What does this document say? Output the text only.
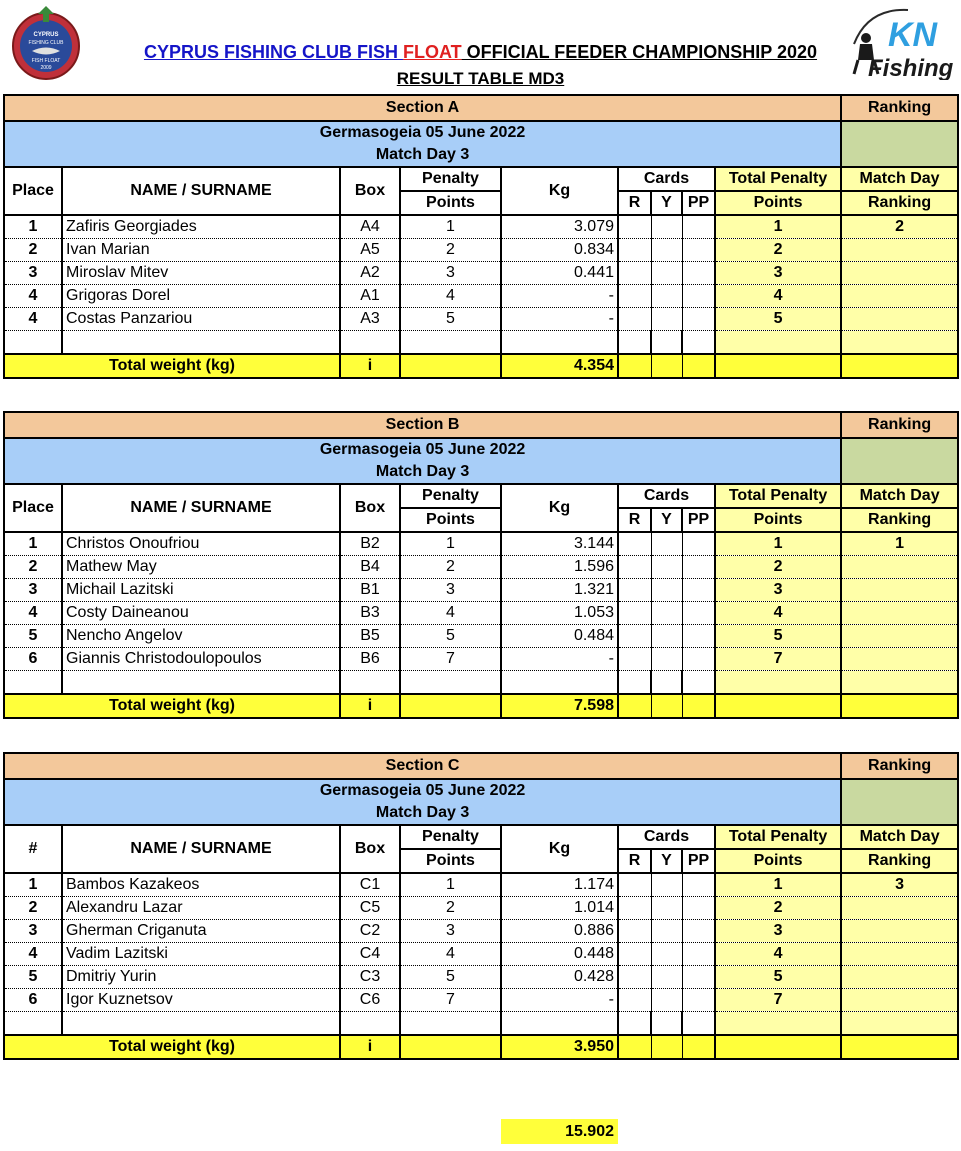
CYPRUS
FISHING CLUB
FISH FLOAT
2009
KN
Fishing
CYPRUS FISHING CLUB FISH FLOAT OFFICIAL FEEDER CHAMPIONSHIP 2020
RESULT TABLE MD3
Section A									Ranking

Germasogeia 05 June 2022
Match Day 3									

Place	NAME / SURNAME	Box	Penalty	Kg	Cards			Total Penalty	Match Day
			Points		R	Y	PP	Points	Ranking
1	Zafiris Georgiades	A4	1	3.079				1	2
2	Ivan Marian	A5	2	0.834				2	
3	Miroslav Mitev	A2	3	0.441				3	
4	Grigoras Dorel	A1	4	-				4	
4	Costas Panzariou	A3	5	-				5	

Total weight (kg)		i		4.354					
Section B									Ranking

Germasogeia 05 June 2022
Match Day 3									

Place	NAME / SURNAME	Box	Penalty	Kg	Cards			Total Penalty	Match Day
			Points		R	Y	PP	Points	Ranking
1	Christos Onoufriou	B2	1	3.144				1	1
2	Mathew May	B4	2	1.596				2	
3	Michail Lazitski	B1	3	1.321				3	
4	Costy Daineanou	B3	4	1.053				4	
5	Nencho Angelov	B5	5	0.484				5	
6	Giannis Christodoulopoulos	B6	7	-				7	

Total weight (kg)		i		7.598					
Section C									Ranking

Germasogeia 05 June 2022
Match Day 3									

#	NAME / SURNAME	Box	Penalty	Kg	Cards			Total Penalty	Match Day
			Points		R	Y	PP	Points	Ranking
1	Bambos Kazakeos	C1	1	1.174				1	3
2	Alexandru Lazar	C5	2	1.014				2	
3	Gherman Criganuta	C2	3	0.886				3	
4	Vadim Lazitski	C4	4	0.448				4	
5	Dmitriy Yurin	C3	5	0.428				5	
6	Igor Kuznetsov	C6	7	-				7	

Total weight (kg)		i		3.950					
15.902
